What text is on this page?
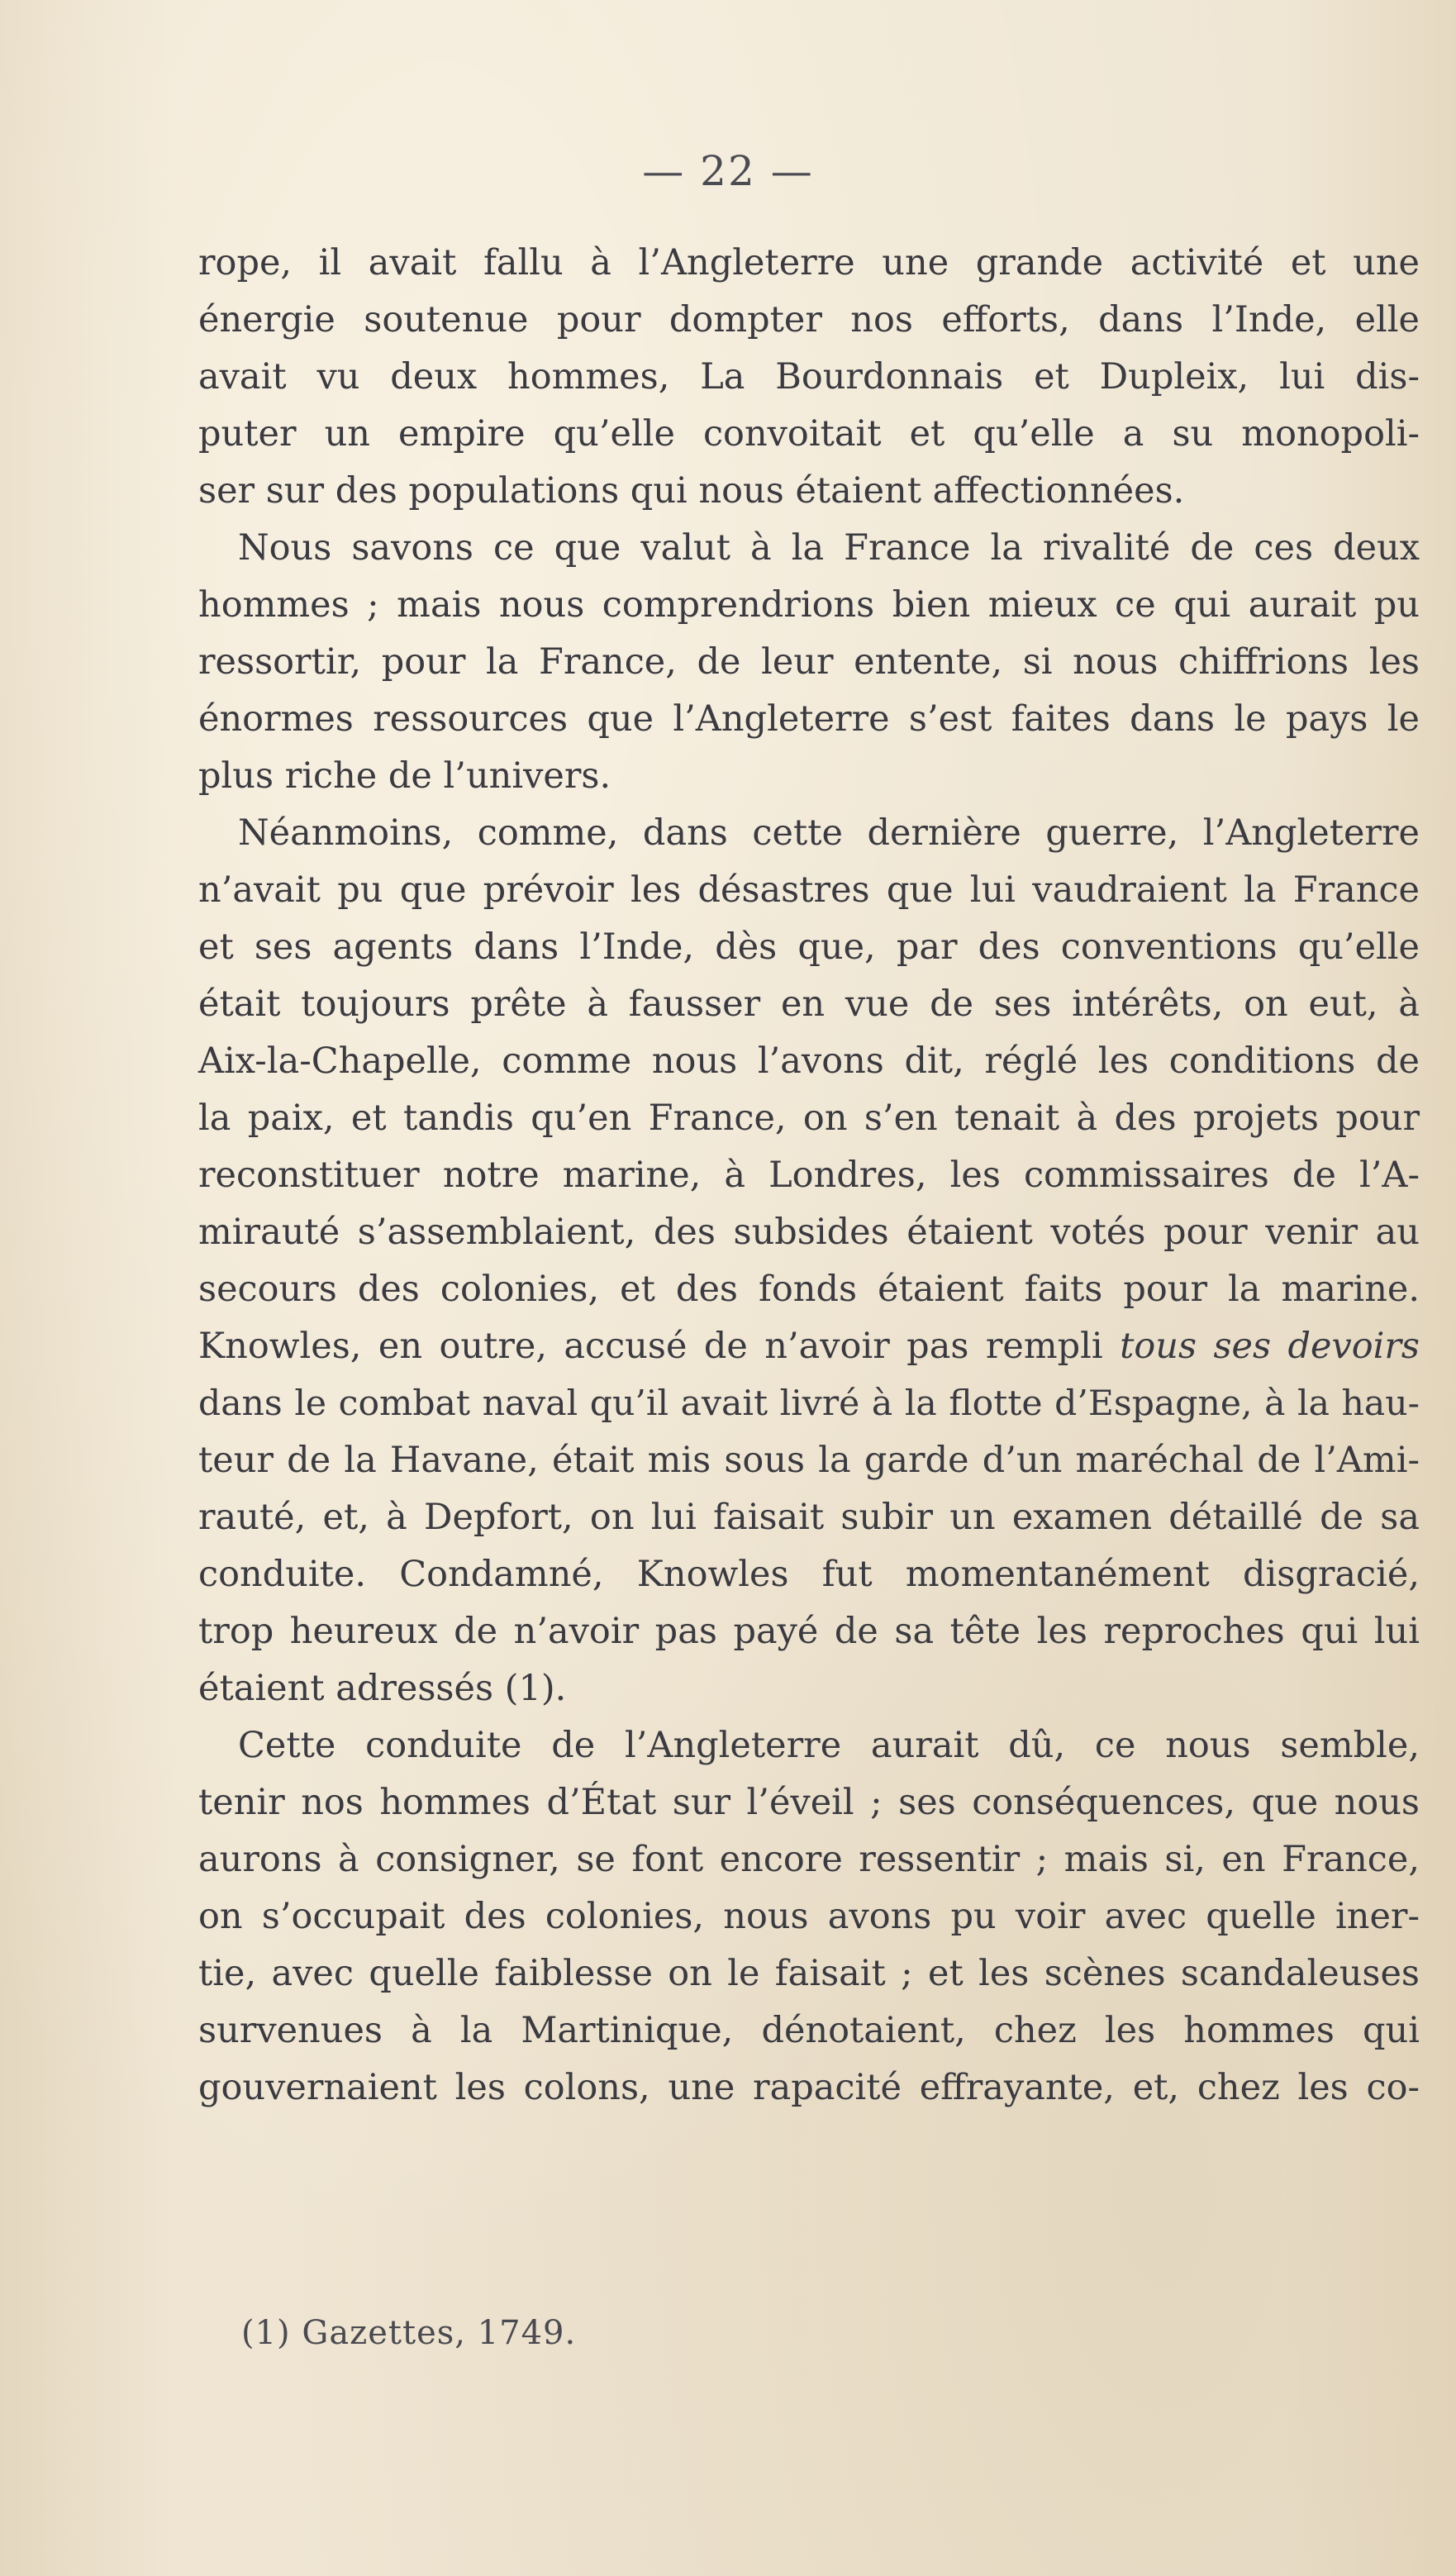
— 22 —
rope, il avait fallu à l’Angleterre une grande activité et une
énergie soutenue pour dompter nos efforts, dans l’Inde, elle
avait vu deux hommes, La Bourdonnais et Dupleix, lui dis-
puter un empire qu’elle convoitait et qu’elle a su monopoli-
ser sur des populations qui nous étaient affectionnées.
Nous savons ce que valut à la France la rivalité de ces deux
hommes ; mais nous comprendrions bien mieux ce qui aurait pu
ressortir, pour la France, de leur entente, si nous chiffrions les
énormes ressources que l’Angleterre s’est faites dans le pays le
plus riche de l’univers.
Néanmoins, comme, dans cette dernière guerre, l’Angleterre
n’avait pu que prévoir les désastres que lui vaudraient la France
et ses agents dans l’Inde, dès que, par des conventions qu’elle
était toujours prête à fausser en vue de ses intérêts, on eut, à
Aix-la-Chapelle, comme nous l’avons dit, réglé les conditions de
la paix, et tandis qu’en France, on s’en tenait à des projets pour
reconstituer notre marine, à Londres, les commissaires de l’A-
mirauté s’assemblaient, des subsides étaient votés pour venir au
secours des colonies, et des fonds étaient faits pour la marine.
Knowles, en outre, accusé de n’avoir pas rempli tous ses devoirs
dans le combat naval qu’il avait livré à la flotte d’Espagne, à la hau-
teur de la Havane, était mis sous la garde d’un maréchal de l’Ami-
rauté, et, à Depfort, on lui faisait subir un examen détaillé de sa
conduite. Condamné, Knowles fut momentanément disgracié,
trop heureux de n’avoir pas payé de sa tête les reproches qui lui
étaient adressés (1).
Cette conduite de l’Angleterre aurait dû, ce nous semble,
tenir nos hommes d’État sur l’éveil ; ses conséquences, que nous
aurons à consigner, se font encore ressentir ; mais si, en France,
on s’occupait des colonies, nous avons pu voir avec quelle iner-
tie, avec quelle faiblesse on le faisait ; et les scènes scandaleuses
survenues à la Martinique, dénotaient, chez les hommes qui
gouvernaient les colons, une rapacité effrayante, et, chez les co-
(1) Gazettes, 1749.
